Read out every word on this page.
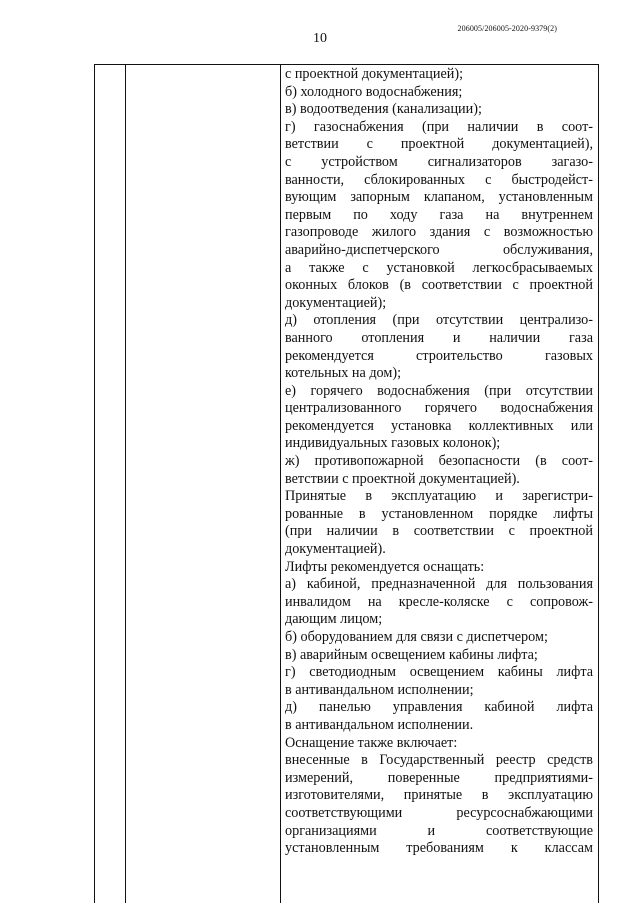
10
206005/206005-2020-9379(2)
с проектной документацией);
б) холодного водоснабжения;
в) водоотведения (канализации);
г) газоснабжения (при наличии в соот-
ветствии с проектной документацией),
с устройством сигнализаторов загазо-
ванности, сблокированных с быстродейст-
вующим запорным клапаном, установленным
первым по ходу газа на внутреннем
газопроводе жилого здания с возможностью
аварийно-диспетчерского обслуживания,
а также с установкой легкосбрасываемых
оконных блоков (в соответствии с проектной
документацией);
д) отопления (при отсутствии централизо-
ванного отопления и наличии газа
рекомендуется строительство газовых
котельных на дом);
е) горячего водоснабжения (при отсутствии
централизованного горячего водоснабжения
рекомендуется установка коллективных или
индивидуальных газовых колонок);
ж) противопожарной безопасности (в соот-
ветствии с проектной документацией).
Принятые в эксплуатацию и зарегистри-
рованные в установленном порядке лифты
(при наличии в соответствии с проектной
документацией).
Лифты рекомендуется оснащать:
а) кабиной, предназначенной для пользования
инвалидом на кресле-коляске с сопровож-
дающим лицом;
б) оборудованием для связи с диспетчером;
в) аварийным освещением кабины лифта;
г) светодиодным освещением кабины лифта
в антивандальном исполнении;
д) панелью управления кабиной лифта
в антивандальном исполнении.
Оснащение также включает:
внесенные в Государственный реестр средств
измерений, поверенные предприятиями-
изготовителями, принятые в эксплуатацию
соответствующими ресурсоснабжающими
организациями и соответствующие
установленным требованиям к классам
